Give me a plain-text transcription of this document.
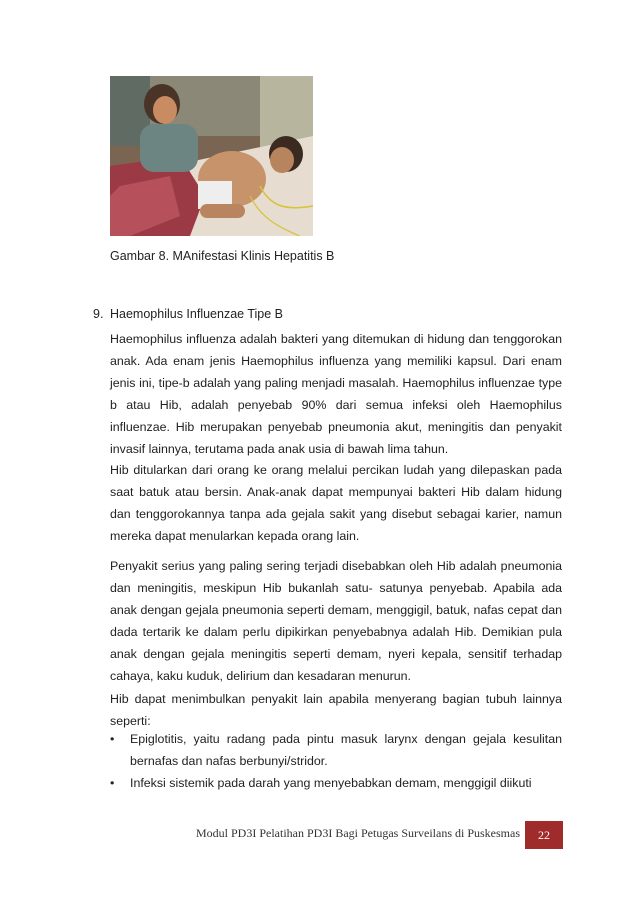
Gambar 8. MAnifestasi Klinis Hepatitis B
9. Haemophilus Influenzae Tipe B

Haemophilus influenza adalah bakteri yang ditemukan di hidung dan tenggorokan anak. Ada enam jenis Haemophilus influenza yang memiliki kapsul. Dari enam jenis ini, tipe-b adalah yang paling menjadi masalah. Haemophilus influenzae type b atau Hib, adalah penyebab 90% dari semua infeksi oleh Haemophilus influenzae. Hib merupakan penyebab pneumonia akut, meningitis dan penyakit invasif lainnya, terutama pada anak usia di bawah lima tahun.

Hib ditularkan dari orang ke orang melalui percikan ludah yang dilepaskan pada saat batuk atau bersin. Anak-anak dapat mempunyai bakteri Hib dalam hidung dan tenggorokannya tanpa ada gejala sakit yang disebut sebagai karier, namun mereka dapat menularkan kepada orang lain.

Penyakit serius yang paling sering terjadi disebabkan oleh Hib adalah pneumonia dan meningitis, meskipun Hib bukanlah satu- satunya penyebab. Apabila ada anak dengan gejala pneumonia seperti demam, menggigil, batuk, nafas cepat dan dada tertarik ke dalam perlu dipikirkan penyebabnya adalah Hib. Demikian pula anak dengan gejala meningitis seperti demam, nyeri kepala, sensitif terhadap cahaya, kaku kuduk, delirium dan kesadaran menurun.

Hib dapat menimbulkan penyakit lain apabila menyerang bagian tubuh lainnya seperti:

• Epiglotitis, yaitu radang pada pintu masuk larynx dengan gejala kesulitan bernafas dan nafas berbunyi/stridor.
• Infeksi sistemik pada darah yang menyebabkan demam, menggigil diikuti
Modul PD3I Pelatihan PD3I Bagi Petugas Surveilans di Puskesmas	22
